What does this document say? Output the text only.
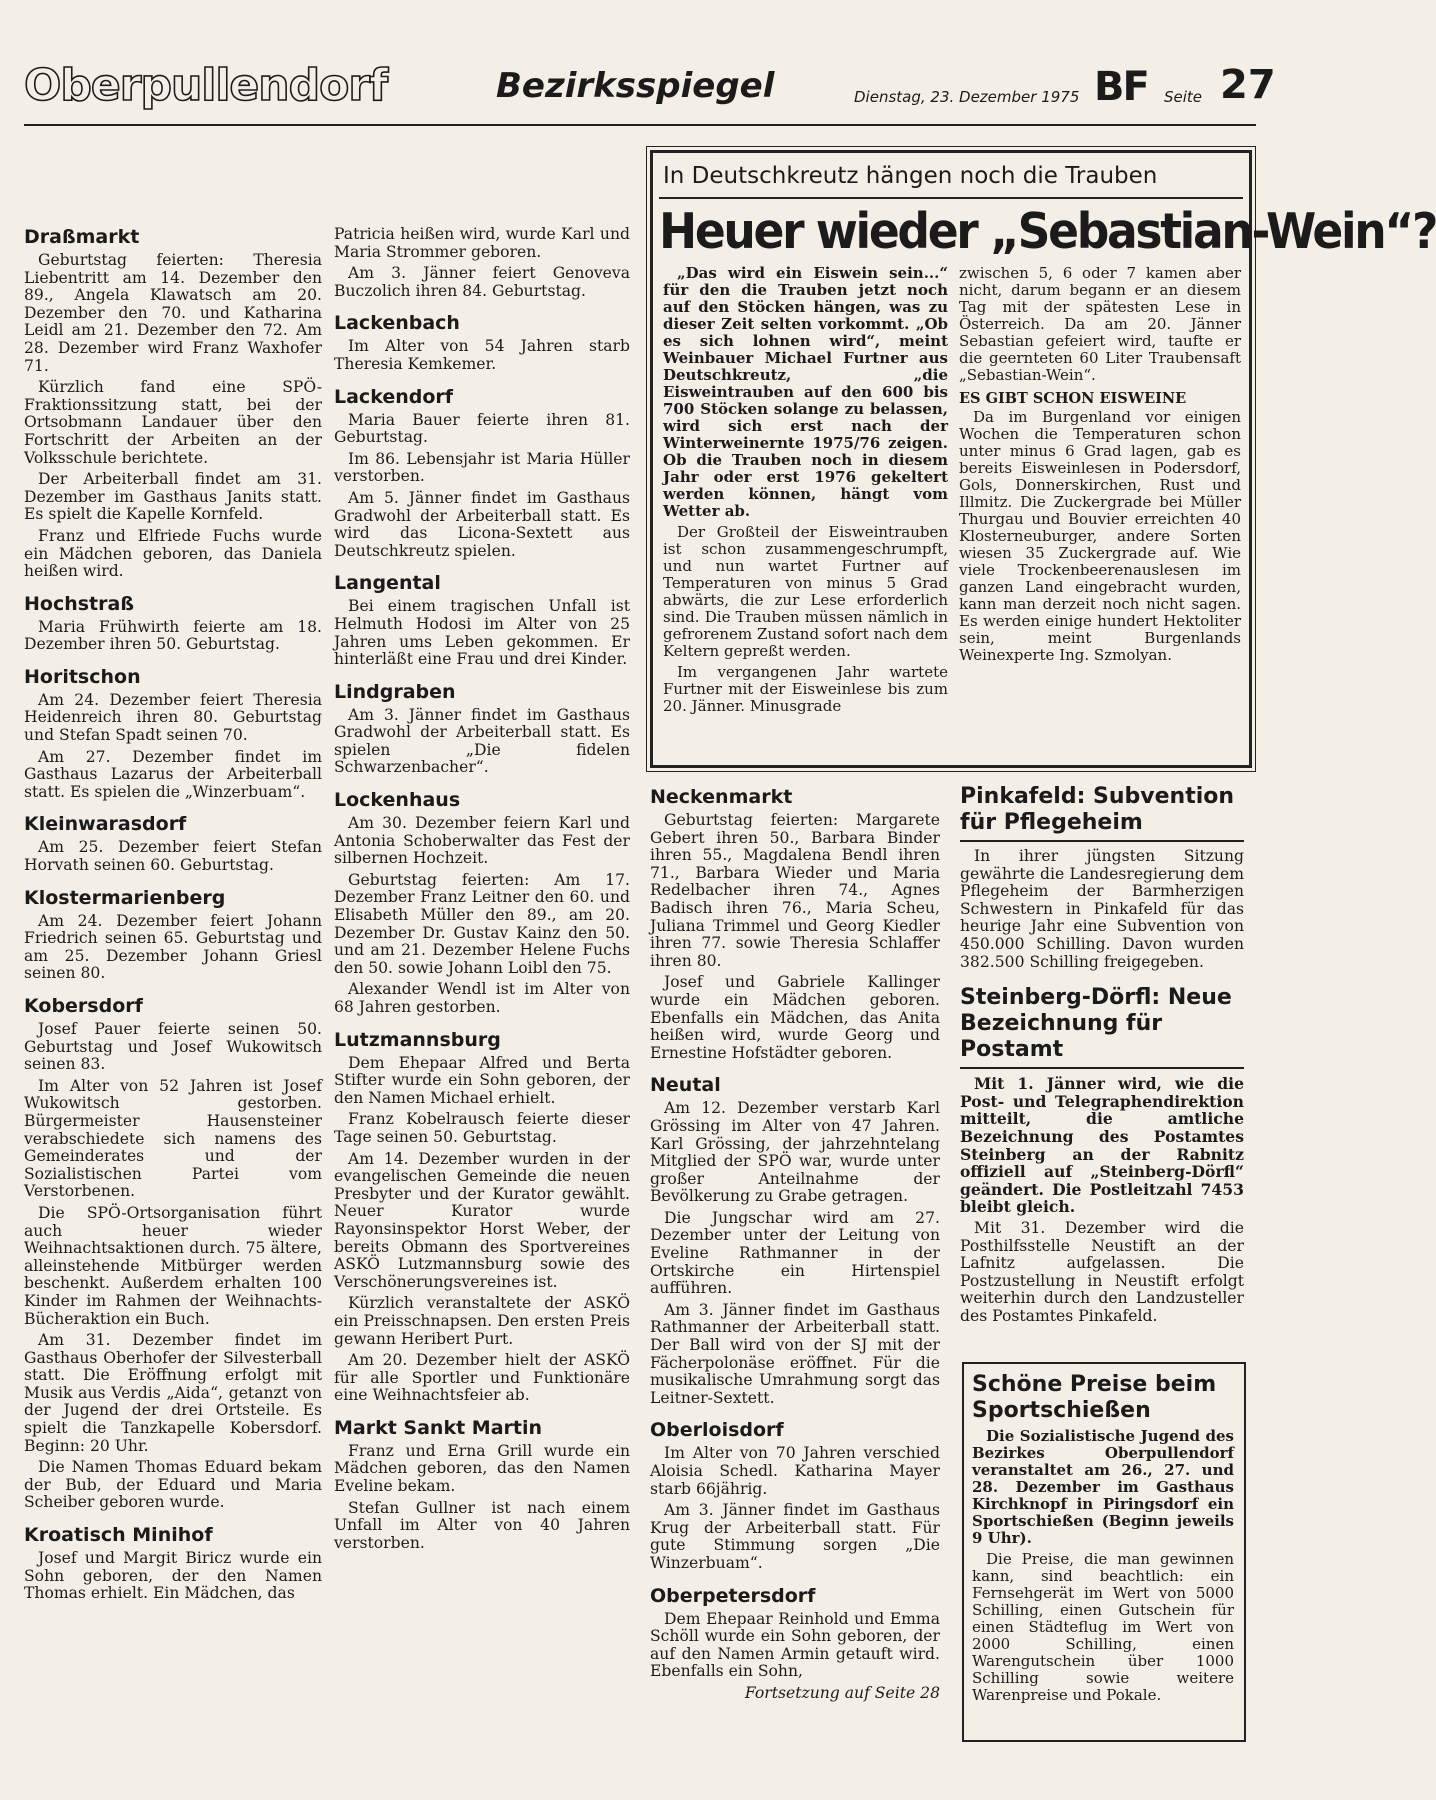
Oberpullendorf	Bezirksspiegel	Dienstag, 23. Dezember 1975 BF Seite 27
Draßmarkt

Geburtstag feierten: Theresia Liebentritt am 14. Dezember den 89., Angela Klawatsch am 20. Dezember den 70. und Katharina Leidl am 21. Dezember den 72. Am 28. Dezember wird Franz Waxhofer 71.

Kürzlich fand eine SPÖ-Fraktionssitzung statt, bei der Ortsobmann Landauer über den Fortschritt der Arbeiten an der Volksschule berichtete.

Der Arbeiterball findet am 31. Dezember im Gasthaus Janits statt. Es spielt die Kapelle Kornfeld.

Franz und Elfriede Fuchs wurde ein Mädchen geboren, das Daniela heißen wird.

Hochstraß

Maria Frühwirth feierte am 18. Dezember ihren 50. Geburtstag.

Horitschon

Am 24. Dezember feiert Theresia Heidenreich ihren 80. Geburtstag und Stefan Spadt seinen 70.

Am 27. Dezember findet im Gasthaus Lazarus der Arbeiterball statt. Es spielen die „Winzerbuam“.

Kleinwarasdorf

Am 25. Dezember feiert Stefan Horvath seinen 60. Geburtstag.

Klostermarienberg

Am 24. Dezember feiert Johann Friedrich seinen 65. Geburtstag und am 25. Dezember Johann Griesl seinen 80.

Kobersdorf

Josef Pauer feierte seinen 50. Geburtstag und Josef Wukowitsch seinen 83.

Im Alter von 52 Jahren ist Josef Wukowitsch gestorben. Bürgermeister Hausensteiner verabschiedete sich namens des Gemeinderates und der Sozialistischen Partei vom Verstorbenen.

Die SPÖ-Ortsorganisation führt auch heuer wieder Weihnachtsaktionen durch. 75 ältere, alleinstehende Mitbürger werden beschenkt. Außerdem erhalten 100 Kinder im Rahmen der Weihnachts-Bücheraktion ein Buch.

Am 31. Dezember findet im Gasthaus Oberhofer der Silvesterball statt. Die Eröffnung erfolgt mit Musik aus Verdis „Aida“, getanzt von der Jugend der drei Ortsteile. Es spielt die Tanzkapelle Kobersdorf. Beginn: 20 Uhr.

Die Namen Thomas Eduard bekam der Bub, der Eduard und Maria Scheiber geboren wurde.

Kroatisch Minihof

Josef und Margit Biricz wurde ein Sohn geboren, der den Namen Thomas erhielt. Ein Mädchen, das

Patricia heißen wird, wurde Karl und Maria Strommer geboren.

Am 3. Jänner feiert Genoveva Buczolich ihren 84. Geburtstag.

Lackenbach

Im Alter von 54 Jahren starb Theresia Kemkemer.

Lackendorf

Maria Bauer feierte ihren 81. Geburtstag.

Im 86. Lebensjahr ist Maria Hüller verstorben.

Am 5. Jänner findet im Gasthaus Gradwohl der Arbeiterball statt. Es wird das Licona-Sextett aus Deutschkreutz spielen.

Langental

Bei einem tragischen Unfall ist Helmuth Hodosi im Alter von 25 Jahren ums Leben gekommen. Er hinterläßt eine Frau und drei Kinder.

Lindgraben

Am 3. Jänner findet im Gasthaus Gradwohl der Arbeiterball statt. Es spielen „Die fidelen Schwarzenbacher“.

Lockenhaus

Am 30. Dezember feiern Karl und Antonia Schoberwalter das Fest der silbernen Hochzeit.

Geburtstag feierten: Am 17. Dezember Franz Leitner den 60. und Elisabeth Müller den 89., am 20. Dezember Dr. Gustav Kainz den 50. und am 21. Dezember Helene Fuchs den 50. sowie Johann Loibl den 75.

Alexander Wendl ist im Alter von 68 Jahren gestorben.

Lutzmannsburg

Dem Ehepaar Alfred und Berta Stifter wurde ein Sohn geboren, der den Namen Michael erhielt.

Franz Kobelrausch feierte dieser Tage seinen 50. Geburtstag.

Am 14. Dezember wurden in der evangelischen Gemeinde die neuen Presbyter und der Kurator gewählt. Neuer Kurator wurde Rayonsinspektor Horst Weber, der bereits Obmann des Sportvereines ASKÖ Lutzmannsburg sowie des Verschönerungsvereines ist.

Kürzlich veranstaltete der ASKÖ ein Preisschnapsen. Den ersten Preis gewann Heribert Purt.

Am 20. Dezember hielt der ASKÖ für alle Sportler und Funktionäre eine Weihnachtsfeier ab.

Markt Sankt Martin

Franz und Erna Grill wurde ein Mädchen geboren, das den Namen Eveline bekam.

Stefan Gullner ist nach einem Unfall im Alter von 40 Jahren verstorben.

In Deutschkreutz hängen noch die Trauben
Heuer wieder „Sebastian-Wein“?

„Das wird ein Eiswein sein...“ für den die Trauben jetzt noch auf den Stöcken hängen, was zu dieser Zeit selten vorkommt. „Ob es sich lohnen wird“, meint Weinbauer Michael Furtner aus Deutschkreutz, „die Eisweintrauben auf den 600 bis 700 Stöcken solange zu belassen, wird sich erst nach der Winterweinernte 1975/76 zeigen. Ob die Trauben noch in diesem Jahr oder erst 1976 gekeltert werden können, hängt vom Wetter ab.

Der Großteil der Eisweintrauben ist schon zusammengeschrumpft, und nun wartet Furtner auf Temperaturen von minus 5 Grad abwärts, die zur Lese erforderlich sind. Die Trauben müssen nämlich in gefrorenem Zustand sofort nach dem Keltern gepreßt werden.

Im vergangenen Jahr wartete Furtner mit der Eisweinlese bis zum 20. Jänner. Minusgrade

zwischen 5, 6 oder 7 kamen aber nicht, darum begann er an diesem Tag mit der spätesten Lese in Österreich. Da am 20. Jänner Sebastian gefeiert wird, taufte er die geernteten 60 Liter Traubensaft „Sebastian-Wein“.

ES GIBT SCHON EISWEINE

Da im Burgenland vor einigen Wochen die Temperaturen schon unter minus 6 Grad lagen, gab es bereits Eisweinlesen in Podersdorf, Gols, Donnerskirchen, Rust und Illmitz. Die Zuckergrade bei Müller Thurgau und Bouvier erreichten 40 Klosterneuburger, andere Sorten wiesen 35 Zuckergrade auf. Wie viele Trockenbeerenauslesen im ganzen Land eingebracht wurden, kann man derzeit noch nicht sagen. Es werden einige hundert Hektoliter sein, meint Burgenlands Weinexperte Ing. Szmolyan.

Neckenmarkt

Geburtstag feierten: Margarete Gebert ihren 50., Barbara Binder ihren 55., Magdalena Bendl ihren 71., Barbara Wieder und Maria Redelbacher ihren 74., Agnes Badisch ihren 76., Maria Scheu, Juliana Trimmel und Georg Kiedler ihren 77. sowie Theresia Schlaffer ihren 80.

Josef und Gabriele Kallinger wurde ein Mädchen geboren. Ebenfalls ein Mädchen, das Anita heißen wird, wurde Georg und Ernestine Hofstädter geboren.

Neutal

Am 12. Dezember verstarb Karl Grössing im Alter von 47 Jahren. Karl Grössing, der jahrzehntelang Mitglied der SPÖ war, wurde unter großer Anteilnahme der Bevölkerung zu Grabe getragen.

Die Jungschar wird am 27. Dezember unter der Leitung von Eveline Rathmanner in der Ortskirche ein Hirtenspiel aufführen.

Am 3. Jänner findet im Gasthaus Rathmanner der Arbeiterball statt. Der Ball wird von der SJ mit der Fächerpolonäse eröffnet. Für die musikalische Umrahmung sorgt das Leitner-Sextett.

Oberloisdorf

Im Alter von 70 Jahren verschied Aloisia Schedl. Katharina Mayer starb 66jährig.

Am 3. Jänner findet im Gasthaus Krug der Arbeiterball statt. Für gute Stimmung sorgen „Die Winzerbuam“.

Oberpetersdorf

Dem Ehepaar Reinhold und Emma Schöll wurde ein Sohn geboren, der auf den Namen Armin getauft wird. Ebenfalls ein Sohn,

Fortsetzung auf Seite 28

Pinkafeld: Subvention für Pflegeheim

In ihrer jüngsten Sitzung gewährte die Landesregierung dem Pflegeheim der Barmherzigen Schwestern in Pinkafeld für das heurige Jahr eine Subvention von 450.000 Schilling. Davon wurden 382.500 Schilling freigegeben.

Steinberg-Dörfl: Neue Bezeichnung für Postamt

Mit 1. Jänner wird, wie die Post- und Telegraphendirektion mitteilt, die amtliche Bezeichnung des Postamtes Steinberg an der Rabnitz offiziell auf „Steinberg-Dörfl“ geändert. Die Postleitzahl 7453 bleibt gleich.

Mit 31. Dezember wird die Posthilfsstelle Neustift an der Lafnitz aufgelassen. Die Postzustellung in Neustift erfolgt weiterhin durch den Landzusteller des Postamtes Pinkafeld.

Schöne Preise beim Sportschießen

Die Sozialistische Jugend des Bezirkes Oberpullendorf veranstaltet am 26., 27. und 28. Dezember im Gasthaus Kirchknopf in Piringsdorf ein Sportschießen (Beginn jeweils 9 Uhr).

Die Preise, die man gewinnen kann, sind beachtlich: ein Fernsehgerät im Wert von 5000 Schilling, einen Gutschein für einen Städteflug im Wert von 2000 Schilling, einen Warengutschein über 1000 Schilling sowie weitere Warenpreise und Pokale.
